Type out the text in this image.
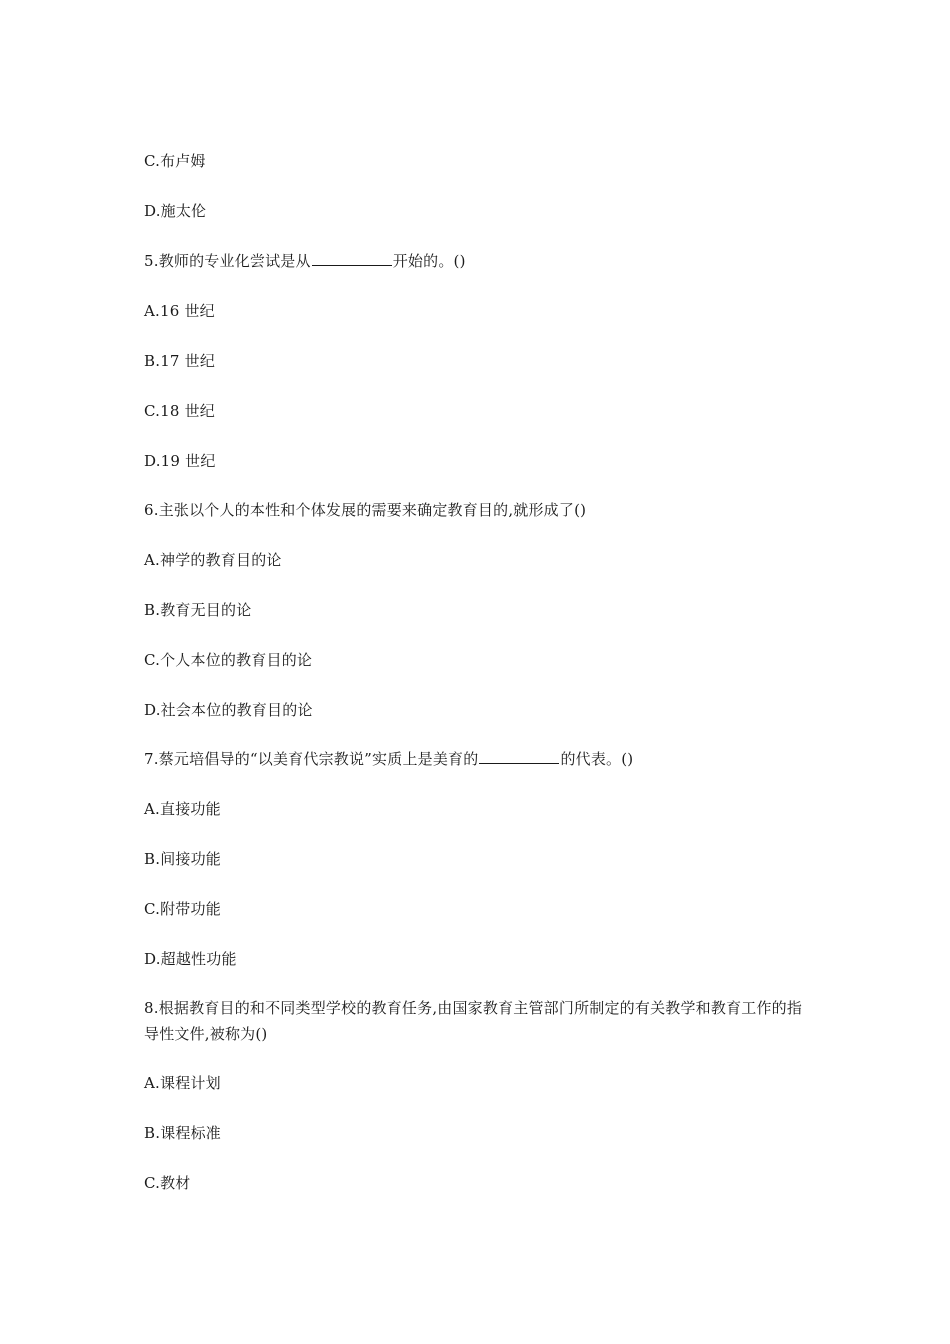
C.布卢姆
D.施太伦
5.教师的专业化尝试是从	开始的。()
A.16 世纪
B.17 世纪
C.18 世纪
D.19 世纪
6.主张以个人的本性和个体发展的需要来确定教育目的,就形成了()
A.神学的教育目的论
B.教育无目的论
C.个人本位的教育目的论
D.社会本位的教育目的论
7.蔡元培倡导的“以美育代宗教说”实质上是美育的	的代表。()
A.直接功能
B.间接功能
C.附带功能
D.超越性功能
8.根据教育目的和不同类型学校的教育任务,由国家教育主管部门所制定的有关教学和教育工作的指导性文件,被称为()
A.课程计划
B.课程标准
C.教材
